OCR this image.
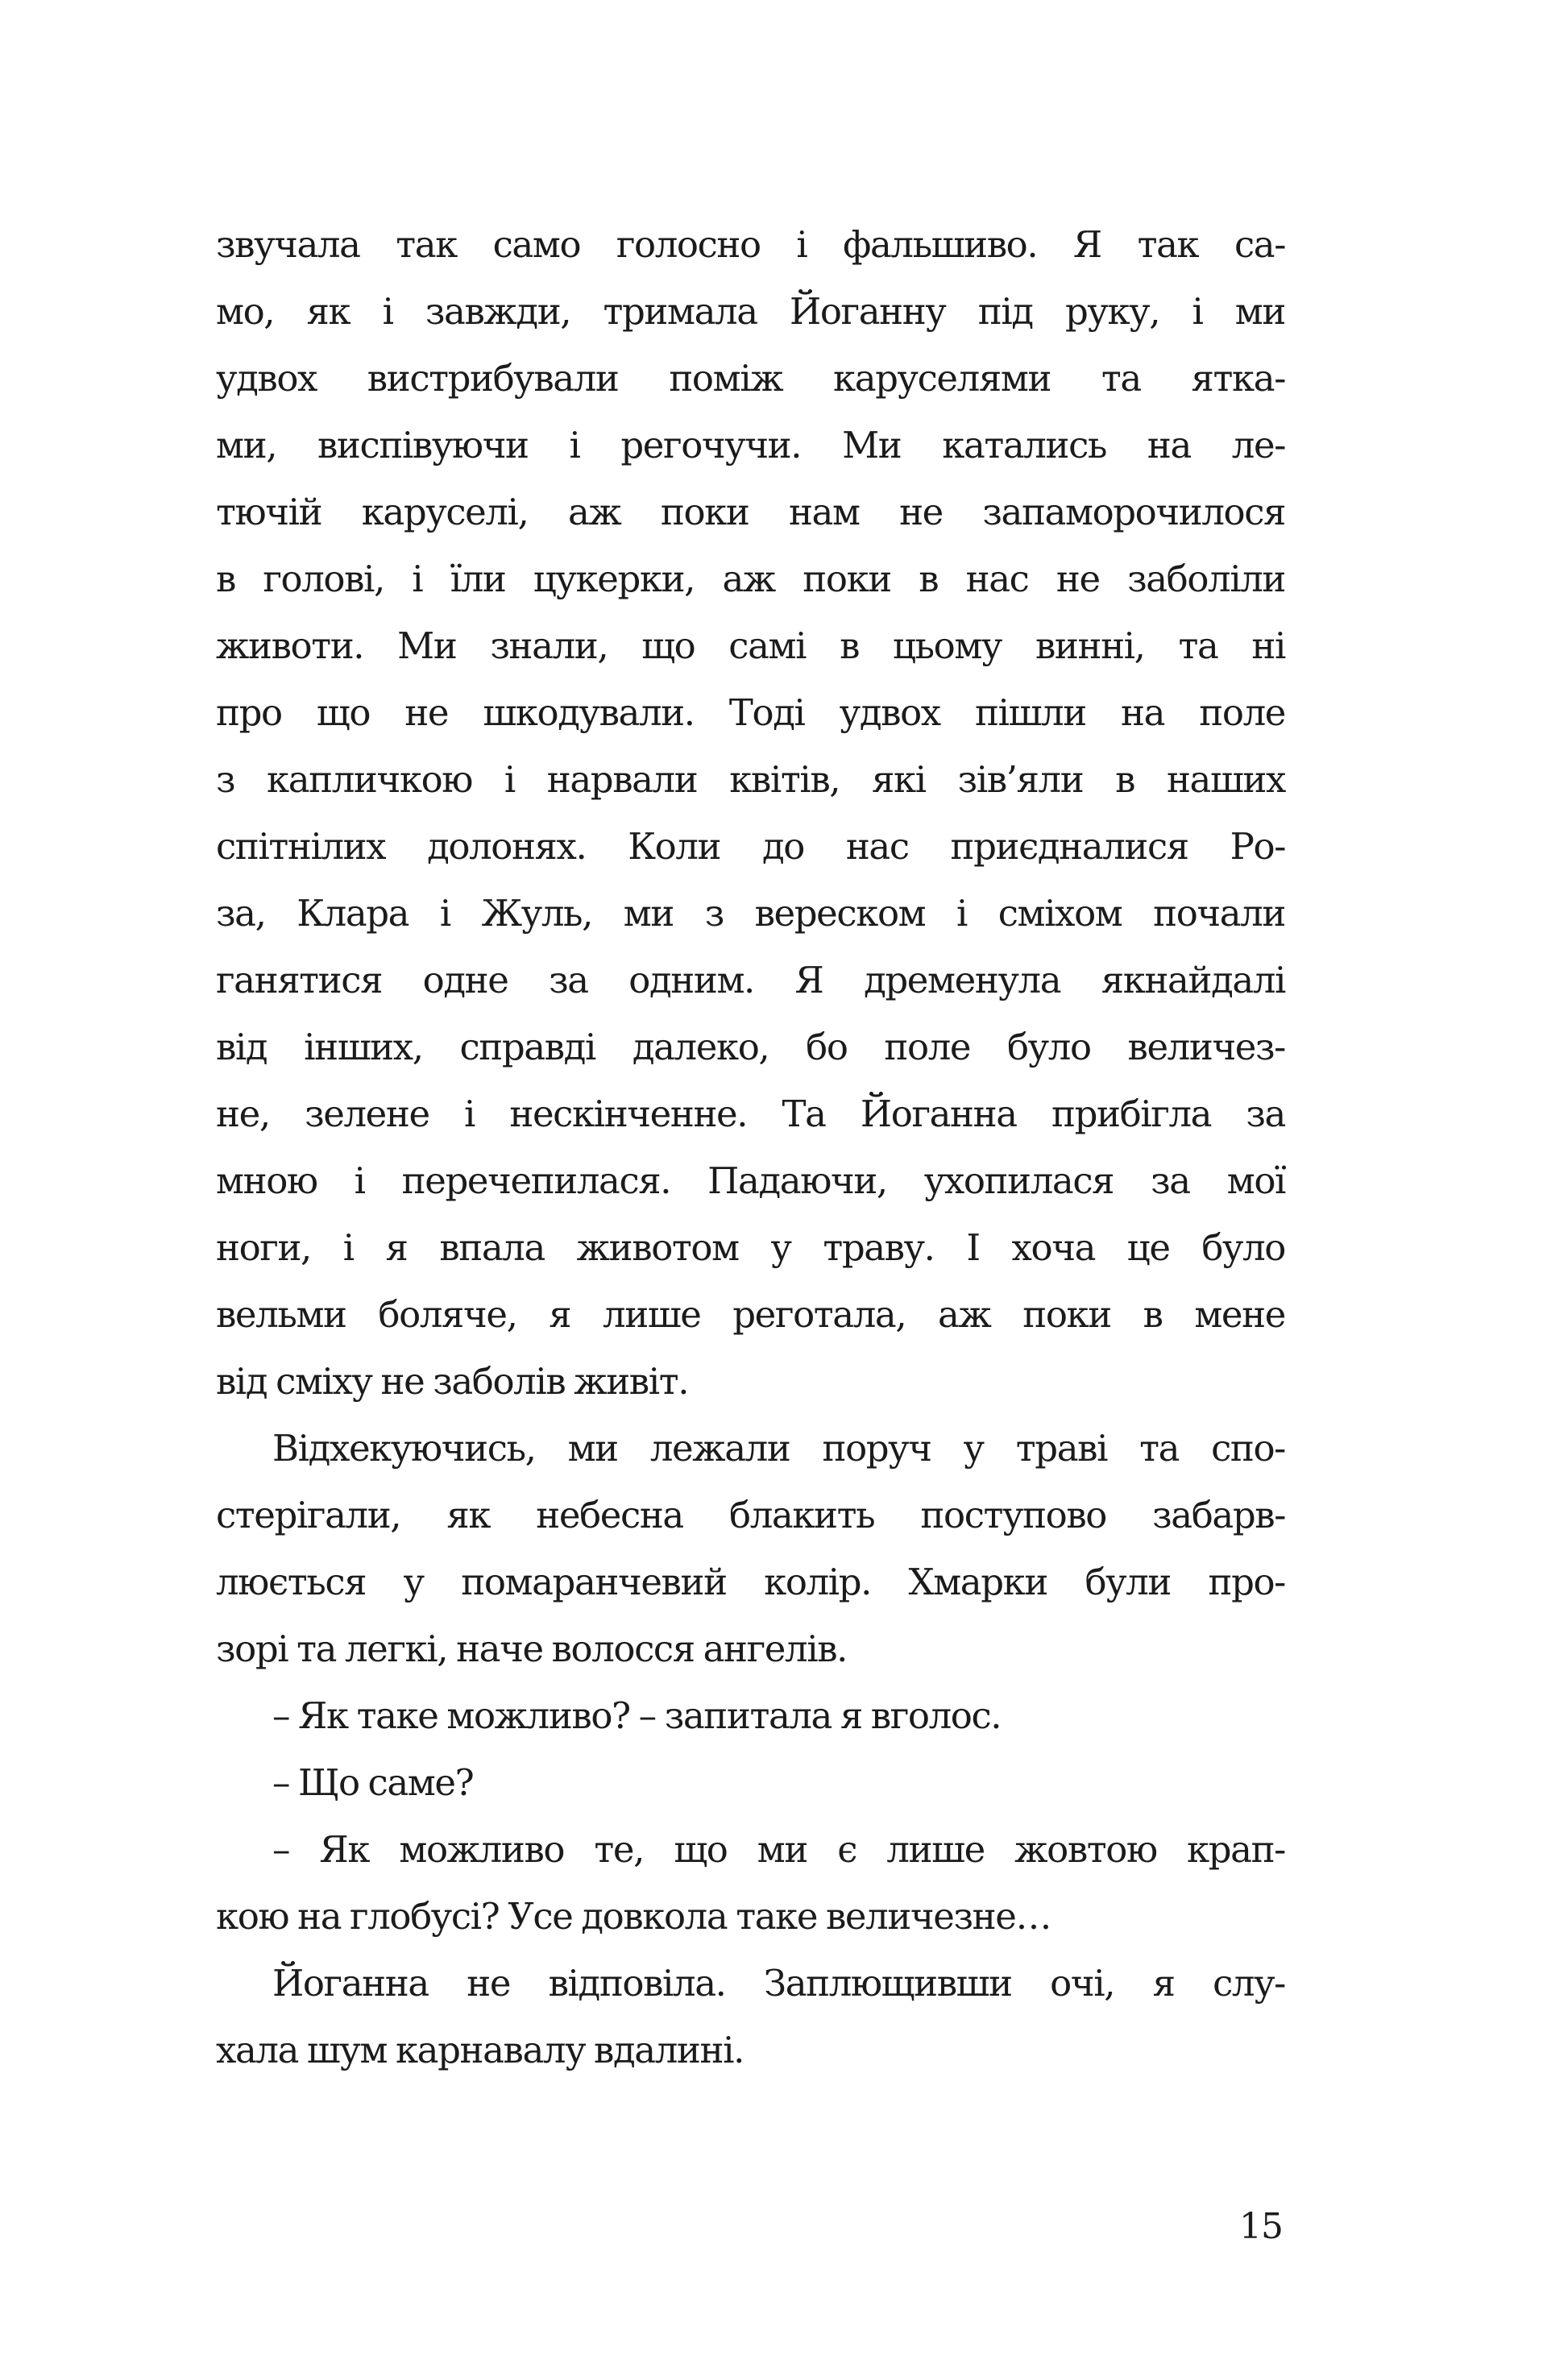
звучала так само голосно і фальшиво. Я так са-
мо, як і завжди, тримала Йоганну під руку, і ми
удвох вистрибували поміж каруселями та ятка-
ми, виспівуючи і регочучи. Ми катались на ле-
тючій каруселі, аж поки нам не запаморочилося
в голові, і їли цукерки, аж поки в нас не заболіли
животи. Ми знали, що самі в цьому винні, та ні
про що не шкодували. Тоді удвох пішли на поле
з капличкою і нарвали квітів, які зів’яли в наших
спітнілих долонях. Коли до нас приєдналися Ро-
за, Клара і Жуль, ми з вереском і сміхом почали
ганятися одне за одним. Я дременула якнайдалі
від інших, справді далеко, бо поле було величез-
не, зелене і нескінченне. Та Йоганна прибігла за
мною і перечепилася. Падаючи, ухопилася за мої
ноги, і я впала животом у траву. І хоча це було
вельми боляче, я лише реготала, аж поки в мене
від сміху не заболів живіт.
Відхекуючись, ми лежали поруч у траві та спо-
стерігали, як небесна блакить поступово забарв-
люється у помаранчевий колір. Хмарки були про-
зорі та легкі, наче волосся ангелів.
– Як таке можливо? – запитала я вголос.
– Що саме?
– Як можливо те, що ми є лише жовтою крап-
кою на глобусі? Усе довкола таке величезне…
Йоганна не відповіла. Заплющивши очі, я слу-
хала шум карнавалу вдалині.
15
